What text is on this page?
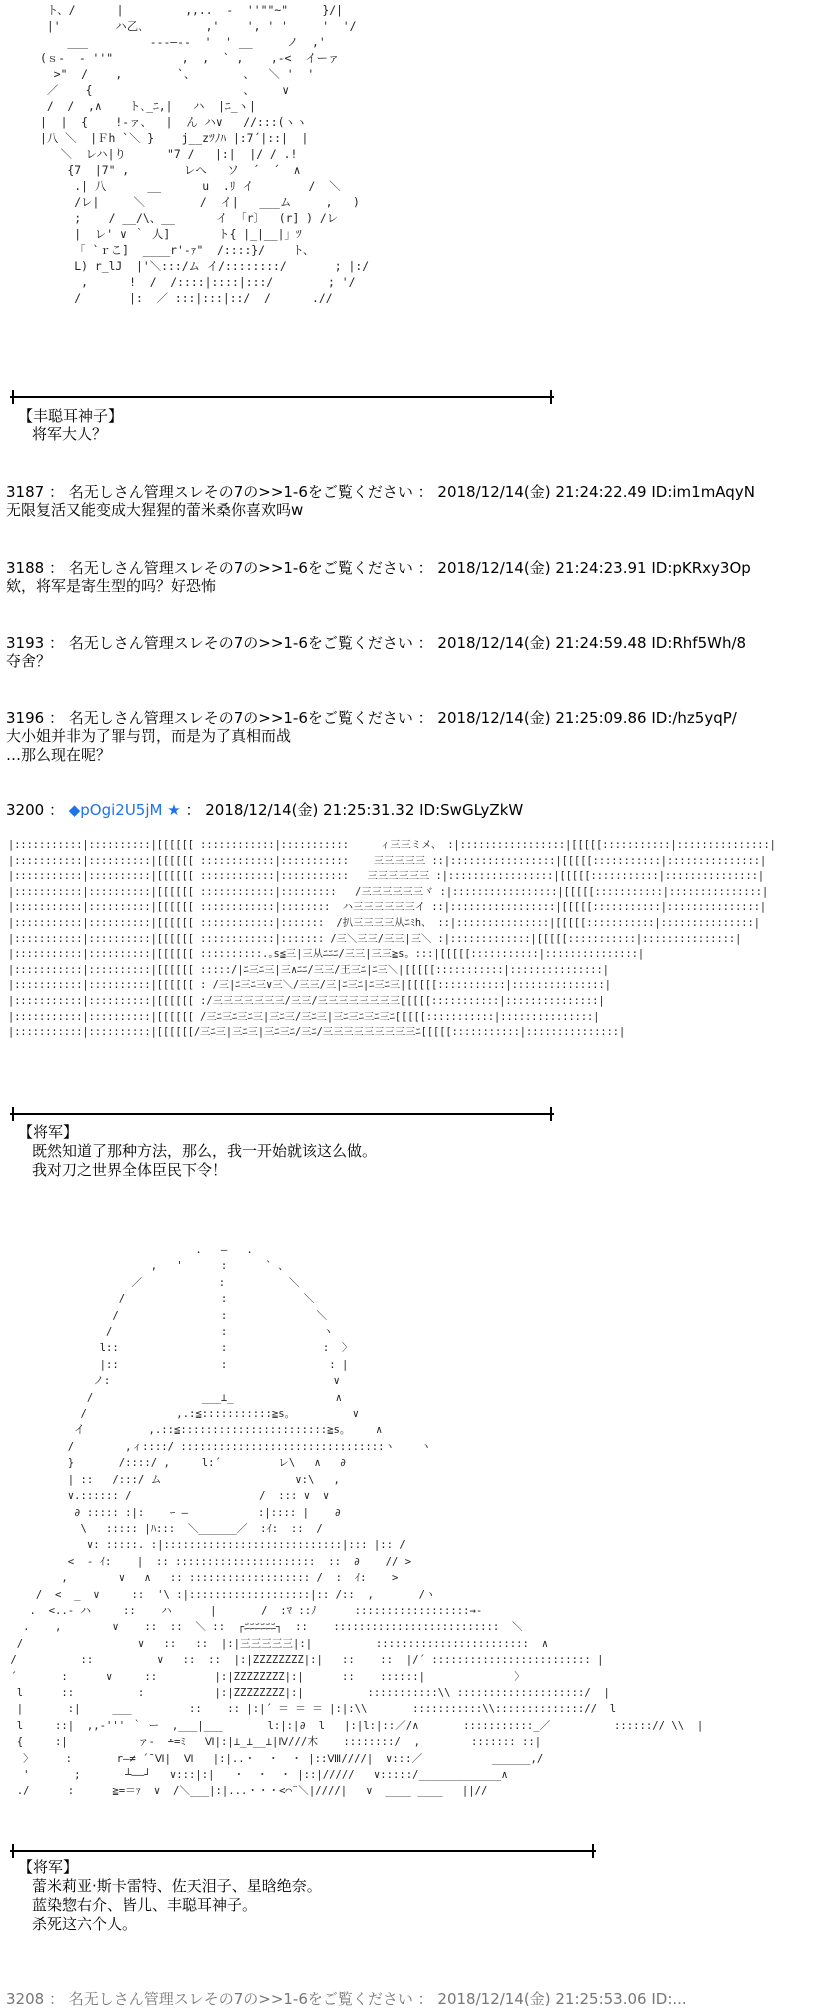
ト、/      |         ,,..  -  ''""~"     }/|
|'        ハ乙､         ,'    ', ' '     '  '/
___         ‐--―‐-  '  ' __     ノ  ,'
(ｓ‐  - ''"          ,  ,  ` ,    ,‐<  イーァ
>"  /    ,        `、       、  ＼ '  '
／    {                      、    ∨
/  /  ,∧    ト､_ﾆ,|   ハ  |ﾆ_ヽ|
|  |  {    !-ァ、  |  ん ハ∨   //:::(ヽヽ
|八 ＼  |Ｆh `＼ }    j__zﾂﾉﾊ |:7´|::|  |
＼  レハ|り      "7 /   |:|  |/ / .!
{7  |7" ,        レへ   ソ  ´  ´  ∧
.| 八      __      u  .ﾘ イ        /  ＼
/レ|     ＼        /  イ|   ___ム     ,   )
;    / __/\、__      イ  ｢r〕  (r] ) /レ
|  レ' ∨ ｀ 人]       ト{ |_|__|」ﾂ
「 `ｒこ]  ____r'-ｧ"  /::::}/    ト、
L) r_lJ  |'＼:::/ム イ/::::::::/       ; |:/
,      !  /  /::::|::::|:::/        ; '/
/       |:  ／ :::|:::|::/  /      .//
【丰聪耳神子】
将军大人？
3187 ： 名无しさん管理スレその7の>>1-6をご覧ください ： 2018/12/14(金) 21:24:22.49 ID:im1mAqyN
无限复活又能变成大猩猩的蕾米桑你喜欢吗w
3188 ： 名无しさん管理スレその7の>>1-6をご覧ください ： 2018/12/14(金) 21:24:23.91 ID:pKRxy3Op
欸，将军是寄生型的吗？好恐怖
3193 ： 名无しさん管理スレその7の>>1-6をご覧ください ： 2018/12/14(金) 21:24:59.48 ID:Rhf5Wh/8
夺舍？
3196 ： 名无しさん管理スレその7の>>1-6をご覧ください ： 2018/12/14(金) 21:25:09.86 ID:/hz5yqP/
大小姐并非为了罪与罚，而是为了真相而战
…那么现在呢？
3200 ： ◆pOgi2U5jM ★ ： 2018/12/14(金) 21:25:31.32 ID:SwGLyZkW
|:::::::::::|::::::::::|[[[[[[ ::::::::::::|:::::::::::     ィ三三ミメ、 :|:::::::::::::::::|[[[[[:::::::::::|:::::::::::::::|
|:::::::::::|::::::::::|[[[[[[ ::::::::::::|:::::::::::    三三三三三 ::|:::::::::::::::::|[[[[[:::::::::::|:::::::::::::::|
|:::::::::::|::::::::::|[[[[[[ ::::::::::::|:::::::::::   三三三三三三 :|:::::::::::::::::|[[[[[:::::::::::|:::::::::::::::|
|:::::::::::|::::::::::|[[[[[[ ::::::::::::|:::::::::   /三三三三三三ヾ :|:::::::::::::::::|[[[[[:::::::::::|:::::::::::::::|
|:::::::::::|::::::::::|[[[[[[ ::::::::::::|::::::::  ハ三三三三三三イ ::|:::::::::::::::::|[[[[[:::::::::::|:::::::::::::::|
|:::::::::::|::::::::::|[[[[[[ ::::::::::::|:::::::  /扒三三三三从ﾆﾐh、 ::|:::::::::::::::|[[[[[:::::::::::|:::::::::::::::|
|:::::::::::|::::::::::|[[[[[[ ::::::::::::|::::::: /三＼三三/三三|三＼ :|:::::::::::::|[[[[[:::::::::::|:::::::::::::::|
|:::::::::::|::::::::::|[[[[[[ ::::::::::.｡s≦三|三从ﾆﾆﾆ/三三|三三≧s。:::|[[[[[:::::::::::|:::::::::::::::|
|:::::::::::|::::::::::|[[[[[[ :::::/|ﾆ三ﾆ三|三∧ﾆﾆ/三三/王三ﾆ|ﾆ三＼|[[[[[:::::::::::|:::::::::::::::|
|:::::::::::|::::::::::|[[[[[[ : /三|ﾆ三ﾆ三∨三＼/三三/三|ﾆ三ﾆ|ﾆ三ﾆ三|[[[[[:::::::::::|:::::::::::::::|
|:::::::::::|::::::::::|[[[[[[ :/三三三三三三三/三三/三三三三三三三三[[[[[:::::::::::|:::::::::::::::|
|:::::::::::|::::::::::|[[[[[[ /三ﾆ三ﾆ三ﾆ三|三ﾆ三/三ﾆ三|三ﾆ三ﾆ三ﾆ三ﾆ[[[[[:::::::::::|:::::::::::::::|
|:::::::::::|::::::::::|[[[[[[/三ﾆ三|三ﾆ三|三ﾆ三ﾆ/三ﾆ/三三三三三三三三三ﾆ[[[[[:::::::::::|:::::::::::::::|
【将军】
既然知道了那种方法，那么，我一开始就该这么做。
我对刀之世界全体臣民下令！
.   ―   .
,   '      :      ` 、
／            :          ＼
/               :            ＼
/                :              ＼
/                 :               ヽ
l::                :               :  〉
|::                :                : |
ノ:                                   ∨
/                 ___⊥_                ∧
/              ,.:≦:::::::::::≧s。         ∨
イ          ,.::≦:::::::::::::::::::::::≧s。    ∧
/        ,ィ::::/ ::::::::::::::::::::::::::::::::ヽ    ヽ
}       /::::/ ,     l:´         レ\   ∧   ∂
| ::   /:::/ ム                     ∨:\   ,
∨.:::::: /                    /  ::: ∨  ∨
∂ ::::: :|:    ｰ ―           :|:::: |    ∂
\   ::::: |ﾊ:::  ＼______／  :ｲ:  ::  /
∨: :::::. :|::::::::::::::::::::::::::::|::: |:: /
<  - ｲ:    |  :: ::::::::::::::::::::::  ::  ∂    // >
,        ∨   ∧   :: ::::::::::::::::::: /  :  ｲ:    >
/  <  _  ∨     ::  '\ :|:::::::::::::::::::|:: /::  ,       /ヽ
.  <..‐ ハ     ::    ハ      |       /  :ﾏ ::ﾉ      ::::::::::::::::::→-
.    ,        ∨    ::  ::  ＼ ::  ┌ﾆﾆﾆﾆﾆﾆ┐  ::    ::::::::::::::::::::::::::  ＼
/                  ∨   ::   ::  |:|三三三三三|:|          ::::::::::::::::::::::::  ∧
/          ::          ∨   ::  ::  |:|ZZZZZZZZ|:|   ::    ::  |/´ ::::::::::::::::::::::::: |
´       :      ∨     ::         |:|ZZZZZZZZ|:|      ::    ::::::|              〉
l      ::          :           |:|ZZZZZZZZ|:|          :::::::::::\\ ::::::::::::::::::::/  |
|       :|     ___         ::    :: |:|´ ＝ ＝ ＝ |:|:\\       :::::::::::\\:::::::::::::://  l
l     ::|  ,,-''' ｀ ー  ,___|___       l:|:|∂  l   |:|l:|::／/∧       :::::::::::_／          ::::::// \\  |
{     :|           ァ-  ∸=ﾐ   Ⅵ|:|⊥_⊥__⊥|Ⅳ///木    ::::::::/  ,        ::::::: ::|
〉     :       r―≠ ´¯Ⅵ|  Ⅵ   |:|..・  ・  ・ |::Ⅷ////|  ∨:::／           ______,/
'       ;       ┴――┘   ∨:::|:|   ・  ・  ・ |::|/////   ∨:::::/_____________∧
./      :      ≧=＝ｧ  ∨  /＼___|:|...・・・<⌒¨＼|////|   ∨  ____ ____   ||//
【将军】
蕾米莉亚·斯卡雷特、佐天泪子、星晗绝奈。
蓝染惣右介、皆儿、丰聪耳神子。
杀死这六个人。
3208 ： 名无しさん管理スレその7の>>1-6をご覧ください ： 2018/12/14(金) 21:25:53.06 ID:...
